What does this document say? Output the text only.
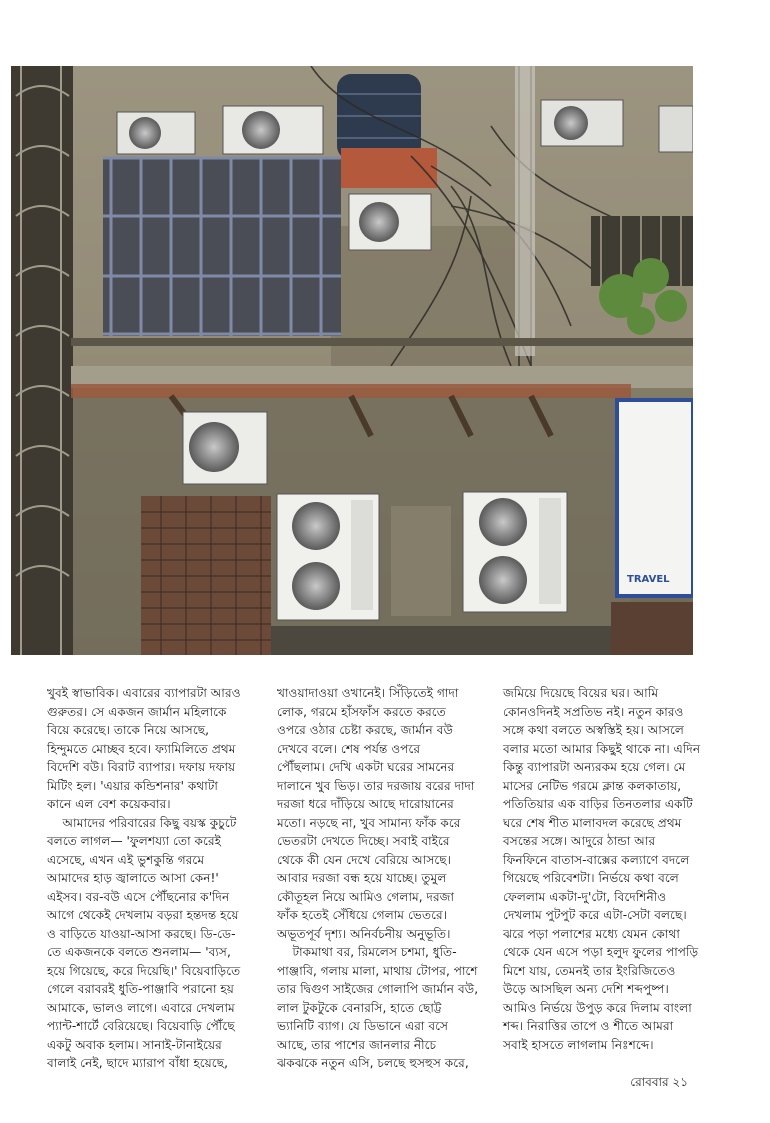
TRAVEL
খুবই স্বাভাবিক। এবারের ব্যাপারটা আরও
গুরুতর। সে একজন জার্মান মহিলাকে
বিয়ে করেছে। তাকে নিয়ে আসছে,
হিন্দুমতে মোচ্ছব হবে। ফ্যামিলিতে প্রথম
বিদেশি বউ। বিরাট ব্যাপার। দফায় দফায়
মিটিং হল। 'এয়ার কন্ডিশনার' কথাটা
কানে এল বেশ কয়েকবার।
আমাদের পরিবারের কিছু বয়স্ক কুচুটে
বলতে লাগল— 'ফুলশয্যা তো করেই
এসেছে, এখন এই ভুশকুন্তি গরমে
আমাদের হাড় জ্বালাতে আসা কেন!'
এইসব। বর-বউ এসে পৌঁছনোর ক'দিন
আগে থেকেই দেখলাম বড়রা হন্তদন্ত হয়ে
ও বাড়িতে যাওয়া-আসা করছে। ডি-ডে-
তে একজনকে বলতে শুনলাম— 'ব্যস,
হয়ে গিয়েছে, করে দিয়েছি।' বিয়েবাড়িতে
গেলে বরাবরই ধুতি-পাঞ্জাবি পরানো হয়
আমাকে, ভালও লাগে। এবারে দেখলাম
প্যান্ট-শার্টে বেরিয়েছে। বিয়েবাড়ি পৌঁছে
একটু অবাক হলাম। সানাই-টানাইয়ের
বালাই নেই, ছাদে ম্যারাপ বাঁধা হয়েছে,
খাওয়াদাওয়া ওখানেই। সিঁড়িতেই গাদা
লোক, গরমে হাঁসফাঁস করতে করতে
ওপরে ওঠার চেষ্টা করছে, জার্মান বউ
দেখবে বলে। শেষ পর্যন্ত ওপরে
পৌঁছলাম। দেখি একটা ঘরের সামনের
দালানে খুব ভিড়। তার দরজায় বরের দাদা
দরজা ধরে দাঁড়িয়ে আছে দারোয়ানের
মতো। নড়ছে না, খুব সামান্য ফাঁক করে
ভেতরটা দেখতে দিচ্ছে। সবাই বাইরে
থেকে কী যেন দেখে বেরিয়ে আসছে।
আবার দরজা বন্ধ হয়ে যাচ্ছে। তুমুল
কৌতূহল নিয়ে আমিও গেলাম, দরজা
ফাঁক হতেই সেঁধিয়ে গেলাম ভেতরে।
অভূতপূর্ব দৃশ্য। অনির্বচনীয় অনুভূতি।
টাকমাথা বর, রিমলেস চশমা, ধুতি-
পাঞ্জাবি, গলায় মালা, মাথায় টোপর, পাশে
তার দ্বিগুণ সাইজের গোলাপি জার্মান বউ,
লাল টুকটুকে বেনারসি, হাতে ছোট্ট
ভ্যানিটি ব্যাগ। যে ডিভানে এরা বসে
আছে, তার পাশের জানলার নীচে
ঝকঝকে নতুন এসি, চলছে হুসহুস করে,
জমিয়ে দিয়েছে বিয়ের ঘর। আমি
কোনওদিনই সপ্রতিভ নই। নতুন কারও
সঙ্গে কথা বলতে অস্বস্তিই হয়। আসলে
বলার মতো আমার কিছুই থাকে না। এদিন
কিন্তু ব্যাপারটা অন্যরকম হয়ে গেল। মে
মাসের নেটিভ গরমে ক্লান্ত কলকাতায়,
পতিতিয়ার এক বাড়ির তিনতলার একটি
ঘরে শেষ শীত মালাবদল করেছে প্রথম
বসন্তের সঙ্গে। আদুরে ঠান্ডা আর
ফিনফিনে বাতাস-বাক্সের কল্যাণে বদলে
গিয়েছে পরিবেশটা। নির্ভয়ে কথা বলে
ফেললাম একটা-দু'টো, বিদেশিনীও
দেখলাম পুটপুট করে এটা-সেটা বলছে।
ঝরে পড়া পলাশের মধ্যে যেমন কোথা
থেকে যেন এসে পড়া হলুদ ফুলের পাপড়ি
মিশে যায়, তেমনই তার ইংরিজিতেও
উড়ে আসছিল অন্য দেশি শব্দপুষ্প।
আমিও নির্ভয়ে উপুড় করে দিলাম বাংলা
শব্দ। নিরাত্তির তাপে ও শীতে আমরা
সবাই হাসতে লাগলাম নিঃশব্দে।
রোববার ২১
